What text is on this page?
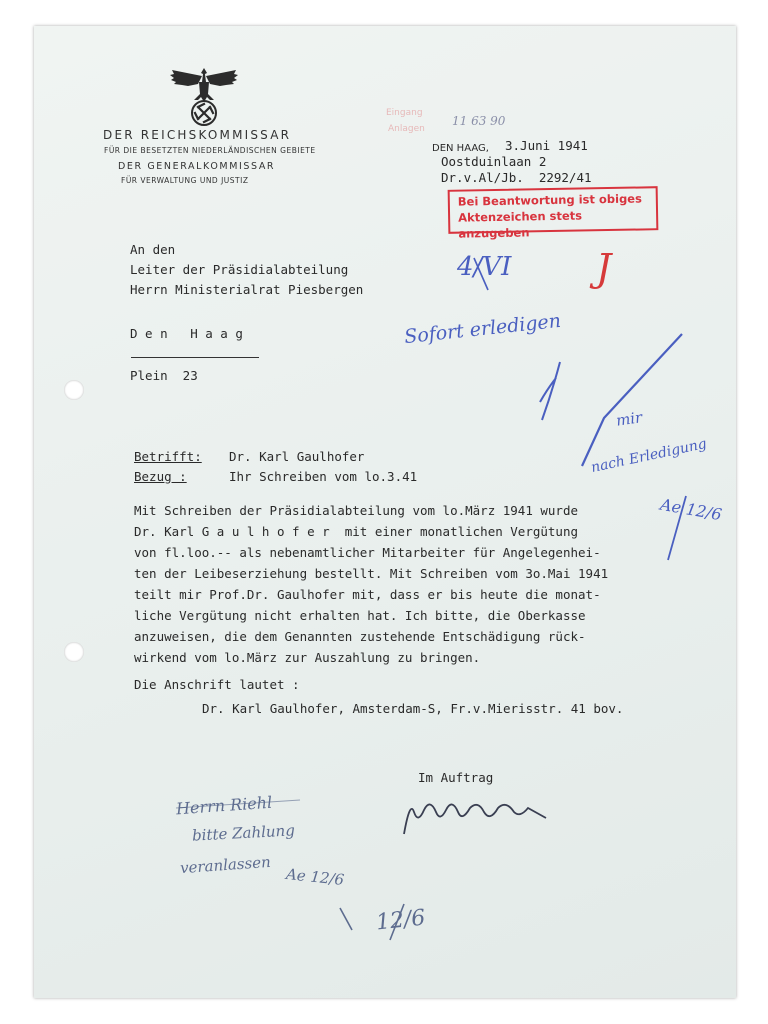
DER REICHSKOMMISSAR
FÜR DIE BESETZTEN NIEDERLÄNDISCHEN GEBIETE
DER GENERALKOMMISSAR
FÜR VERWALTUNG UND JUSTIZ
Eingang
Anlagen
11 63 90
DEN HAAG, 3.Juni 1941
Oostduinlaan 2
Dr.v.Al/Jb.  2292/41
Bei Beantwortung ist obiges
Aktenzeichen stets anzugeben
An den
Leiter der Präsidialabteilung
Herrn Ministerialrat Piesbergen
D e n   H a a g
Plein  23
Betrifft: Dr. Karl Gaulhofer
Bezug :	Ihr Schreiben vom lo.3.41
Mit Schreiben der Präsidialabteilung vom lo.März 1941 wurde
Dr. Karl G a u l h o f e r  mit einer monatlichen Vergütung
von fl.loo.-- als nebenamtlicher Mitarbeiter für Angelegenhei-
ten der Leibeserziehung bestellt. Mit Schreiben vom 3o.Mai 1941
teilt mir Prof.Dr. Gaulhofer mit, dass er bis heute die monat-
liche Vergütung nicht erhalten hat. Ich bitte, die Oberkasse
anzuweisen, die dem Genannten zustehende Entschädigung rück-
wirkend vom lo.März zur Auszahlung zu bringen.
Die Anschrift lautet :
Dr. Karl Gaulhofer, Amsterdam-S, Fr.v.Mierisstr. 41 bov.
Im Auftrag
4/VI J
Sofort erledigen
mir
nach Erledigung
Ae 12/6
Herrn Riehl
bitte Zahlung
veranlassen Ae 12/6
12/6
